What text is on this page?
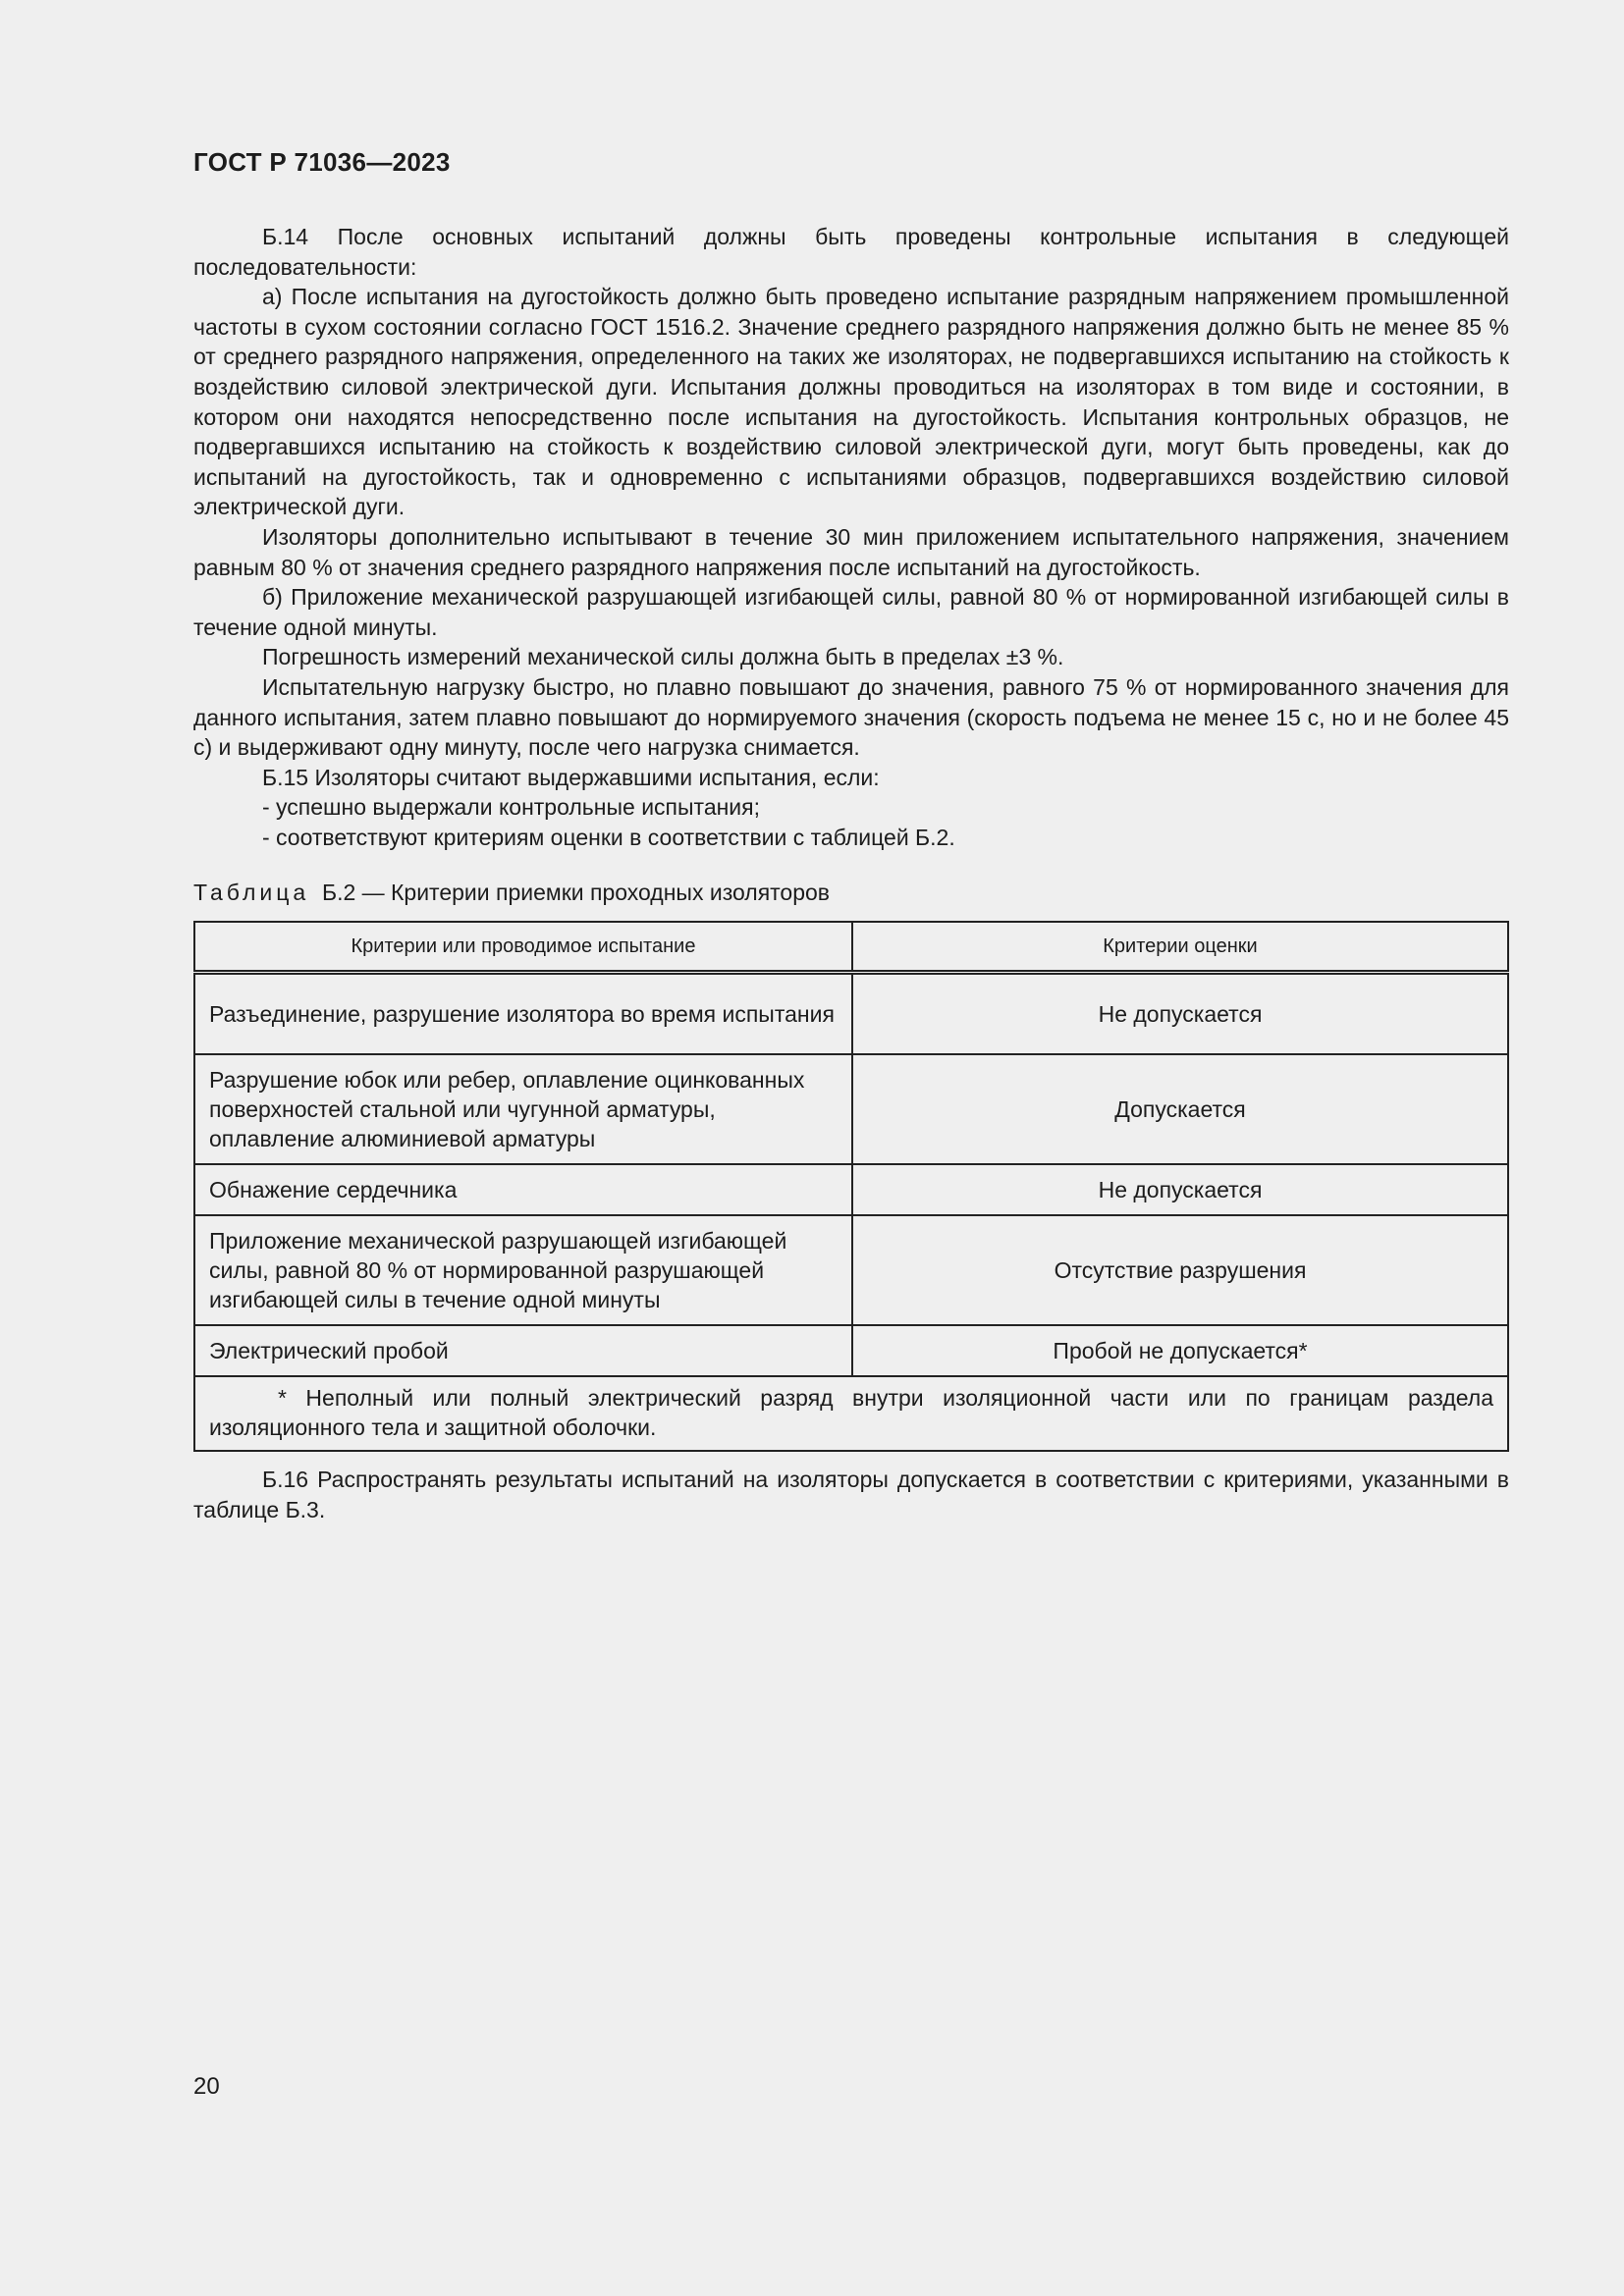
ГОСТ Р 71036—2023

Б.14 После основных испытаний должны быть проведены контрольные испытания в следующей последовательности:

а) После испытания на дугостойкость должно быть проведено испытание разрядным напряжением промышленной частоты в сухом состоянии согласно ГОСТ 1516.2. Значение среднего разрядного напряжения должно быть не менее 85 % от среднего разрядного напряжения, определенного на таких же изоляторах, не подвергавшихся испытанию на стойкость к воздействию силовой электрической дуги. Испытания должны проводиться на изоляторах в том виде и состоянии, в котором они находятся непосредственно после испытания на дугостойкость. Испытания контрольных образцов, не подвергавшихся испытанию на стойкость к воздействию силовой электрической дуги, могут быть проведены, как до испытаний на дугостойкость, так и одновременно с испытаниями образцов, подвергавшихся воздействию силовой электрической дуги.

Изоляторы дополнительно испытывают в течение 30 мин приложением испытательного напряжения, значением равным 80 % от значения среднего разрядного напряжения после испытаний на дугостойкость.

б) Приложение механической разрушающей изгибающей силы, равной 80 % от нормированной изгибающей силы в течение одной минуты.

Погрешность измерений механической силы должна быть в пределах ±3 %.

Испытательную нагрузку быстро, но плавно повышают до значения, равного 75 % от нормированного значения для данного испытания, затем плавно повышают до нормируемого значения (скорость подъема не менее 15 с, но и не более 45 с) и выдерживают одну минуту, после чего нагрузка снимается.

Б.15 Изоляторы считают выдержавшими испытания, если:

- успешно выдержали контрольные испытания;

- соответствуют критериям оценки в соответствии с таблицей Б.2.

Таблица Б.2 — Критерии приемки проходных изоляторов
Критерии или проводимое испытание	Критерии оценки
Разъединение, разрушение изолятора во время испытания	Не допускается
Разрушение юбок или ребер, оплавление оцинкованных поверхностей стальной или чугунной арматуры, оплавление алюминиевой арматуры	Допускается
Обнажение сердечника	Не допускается
Приложение механической разрушающей изгибающей силы, равной 80 % от нормированной разрушающей изгибающей силы в течение одной минуты	Отсутствие разрушения
Электрический пробой	Пробой не допускается*
* Неполный или полный электрический разряд внутри изоляционной части или по границам раздела изоляционного тела и защитной оболочки.	

Б.16 Распространять результаты испытаний на изоляторы допускается в соответствии с критериями, указанными в таблице Б.3.

20
